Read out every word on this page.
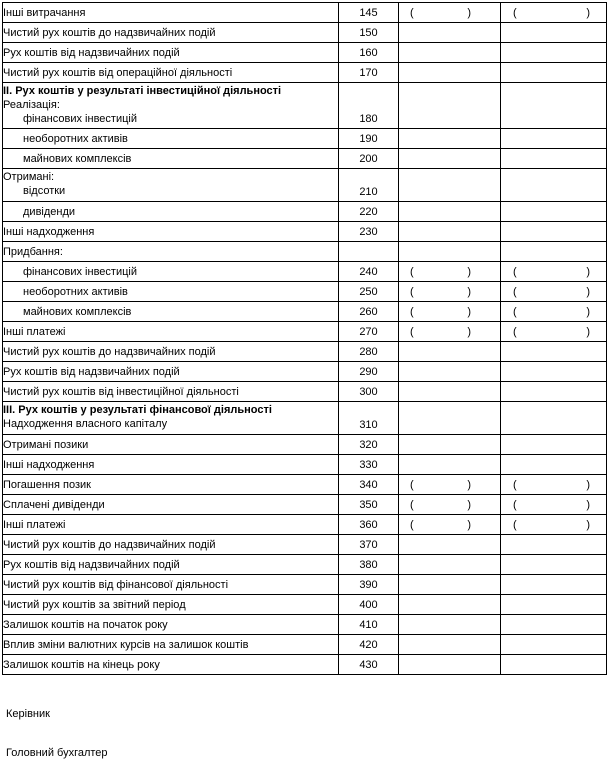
Інші витрачання	145	( )	( )

Чистий рух коштів до надзвичайних подій	150		

Рух коштів від надзвичайних подій	160		

Чистий рух коштів від операційної діяльності	170		

II. Рух коштів у результаті інвестиційної діяльності
Реалізація:
фінансових інвестицій	180		

необоротних активів	190		

майнових комплексів	200		

Отримані:
відсотки	210		

дивіденди	220		

Інші надходження	230		

Придбання:			

фінансових інвестицій	240	( )	( )

необоротних активів	250	( )	( )

майнових комплексів	260	( )	( )

Інші платежі	270	( )	( )

Чистий рух коштів до надзвичайних подій	280		

Рух коштів від надзвичайних подій	290		

Чистий рух коштів від інвестиційної діяльності	300		

III. Рух коштів у результаті фінансової діяльності
Надходження власного капіталу	310		

Отримані позики	320		

Інші надходження	330		

Погашення позик	340	( )	( )

Сплачені дивіденди	350	( )	( )

Інші платежі	360	( )	( )

Чистий рух коштів до надзвичайних подій	370		

Рух коштів від надзвичайних подій	380		

Чистий рух коштів від фінансової діяльності	390		

Чистий рух коштів за звітний період	400		

Залишок коштів на початок року	410		

Вплив зміни валютних курсів на залишок коштів	420		

Залишок коштів на кінець року	430		
Керівник
Головний бухгалтер
